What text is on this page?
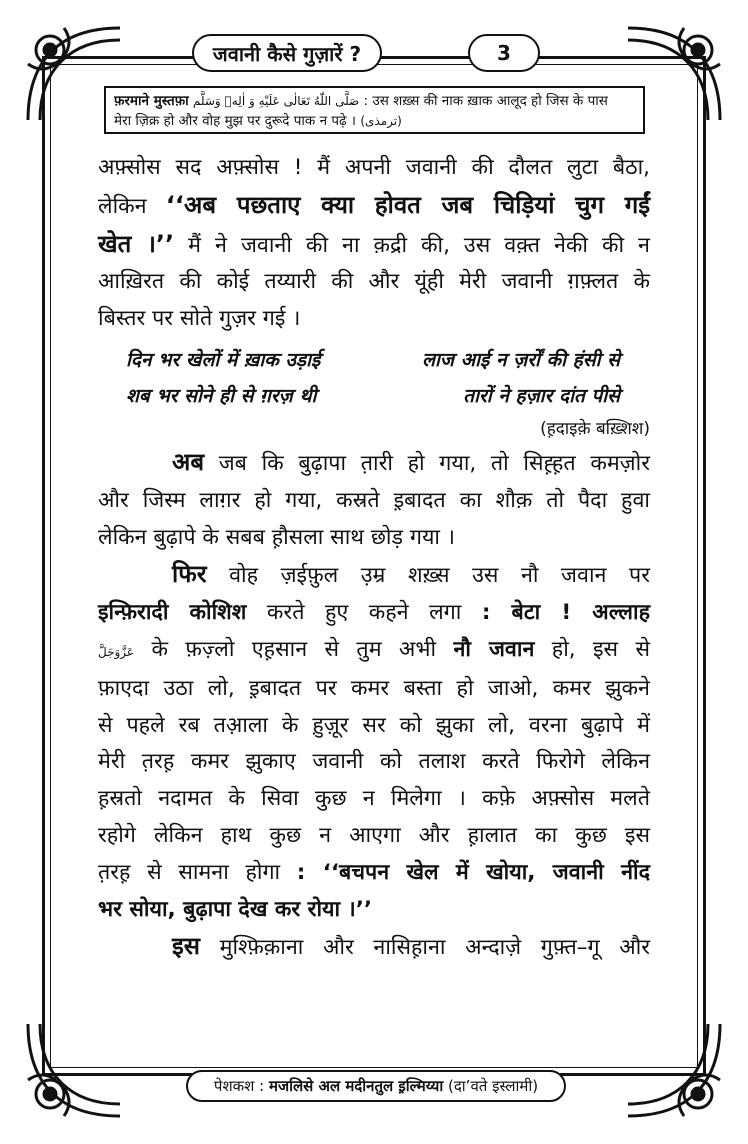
जवानी कैसे गुज़ारें ?	3
फ़रमाने मुस्तफ़ा صَلَّى اللّٰهُ تَعَالٰى عَلَيْهِ وَ اٰلِهٖ وَسَلَّم : उस शख़्स की नाक ख़ाक आलूद हो जिस के पास
मेरा ज़िक्र हो और वोह मुझ पर दुरूदे पाक न पढ़े । (ترمذی)
अफ़्सोस सद अफ़्सोस ! मैं अपनी जवानी की दौलत लुटा बैठा,
लेकिन ‘‘अब पछताए क्या होवत जब चिड़ियां चुग गईं
खेत ।’’ मैं ने जवानी की ना क़द्री की, उस वक़्त नेकी की न
आख़िरत की कोई तय्यारी की और यूंही मेरी जवानी ग़फ़्लत के
बिस्तर पर सोते गुज़र गई ।
दिन भर खेलों में ख़ाक उड़ाई	लाज आई न ज़र्रों की हंसी से
शब भर सोने ही से ग़रज़ थी	तारों ने हज़ार दांत पीसे
(ह़दाइके़ बख़्शिश)
अब जब कि बुढ़ापा त़ारी हो गया, तो सिह़्ह़त कमज़ोर
और जिस्म लाग़र हो गया, कस्रते इ़बादत का शौक़ तो पैदा हुवा
लेकिन बुढ़ापे के सबब ह़ौसला साथ छोड़ गया ।
फिर वोह ज़ईफ़ुल उ़म्र शख़्स उस नौ जवान पर
इन्फ़िरादी कोशिश करते हुए कहने लगा : बेटा ! अल्लाह
عَزَّوَجَلَّ के फ़ज़्लो एह़सान से तुम अभी नौ जवान हो, इस से
फ़ाएदा उठा लो, इ़बादत पर कमर बस्ता हो जाओ, कमर झुकने
से पहले रब तआ़ला के ह़ुज़ूर सर को झुका लो, वरना बुढ़ापे में
मेरी त़रह़ कमर झुकाए जवानी को तलाश करते फिरोगे लेकिन
ह़स्रतो नदामत के सिवा कुछ न मिलेगा । कफ़े अफ़्सोस मलते
रहोगे लेकिन हाथ कुछ न आएगा और ह़ालात का कुछ इस
त़रह़ से सामना होगा : ‘‘बचपन खेल में खोया, जवानी नींद
भर सोया, बुढ़ापा देख कर रोया ।’’
इस मुश्फ़िक़ाना और नासिह़ाना अन्दाज़े गुफ़्त–गू और
पेशकश :
मजलिसे अल मदीनतुल इ़ल्मिय्या
(दा’वते इस्लामी)
